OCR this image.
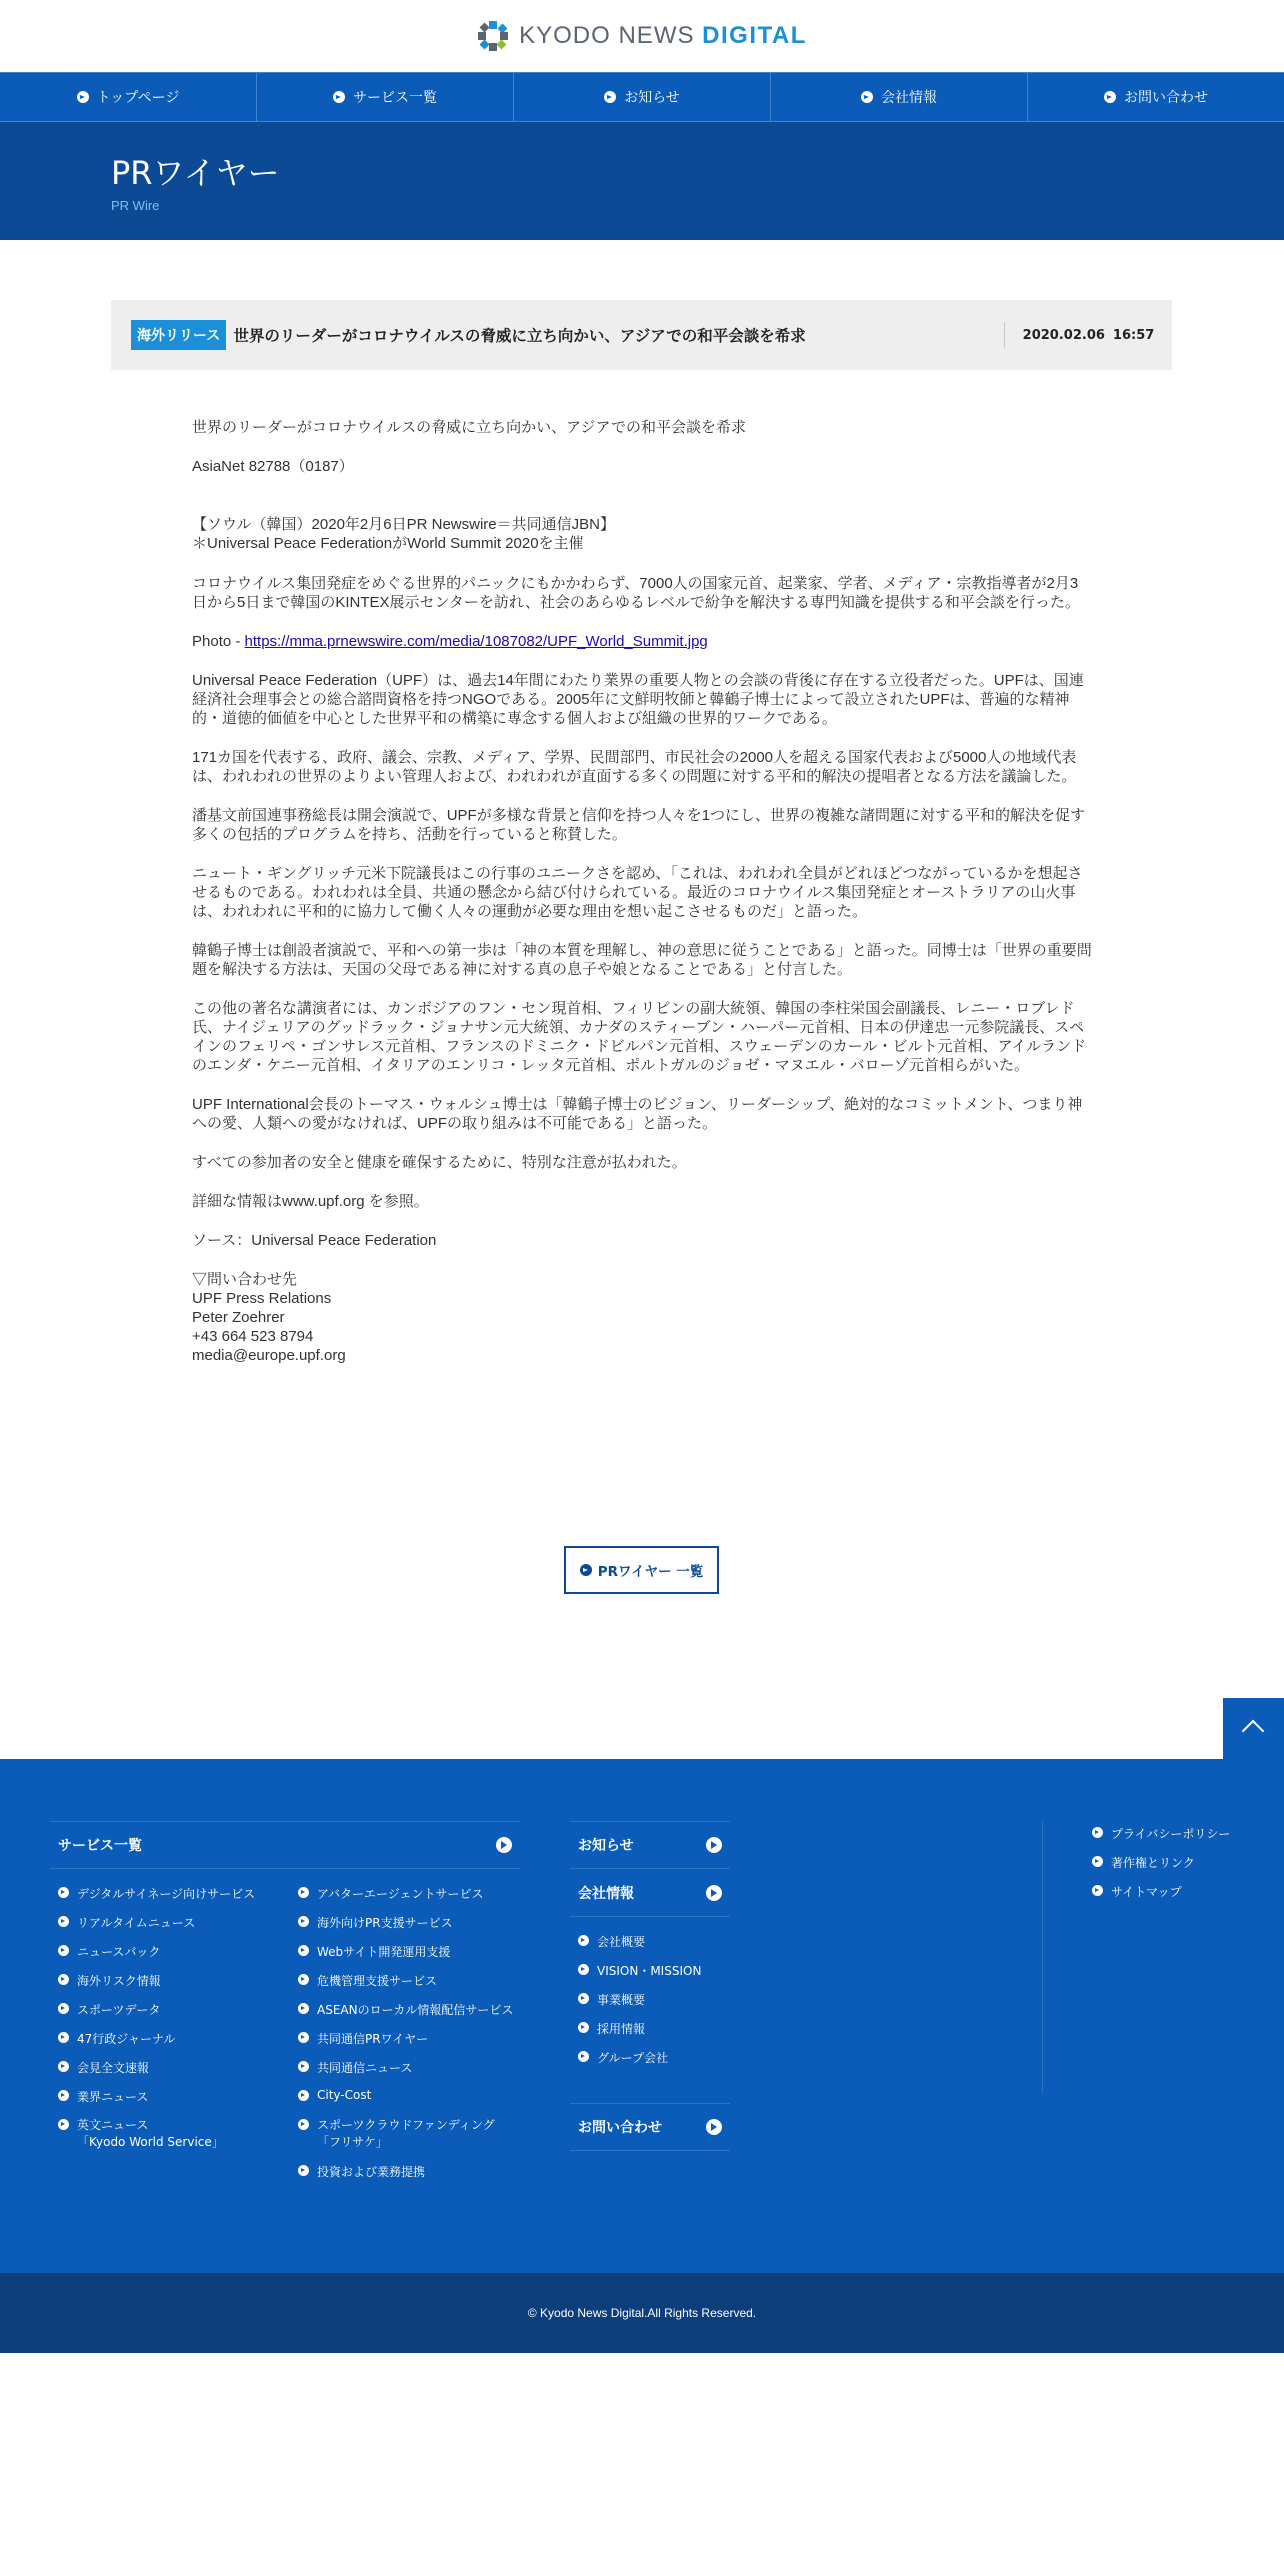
KYODO NEWS DIGITAL
トップページ	サービス一覧	お知らせ	会社情報	お問い合わせ
PRワイヤー
PR Wire
海外リリース 世界のリーダーがコロナウイルスの脅威に立ち向かい、アジアでの和平会談を希求	2020.02.06 16:57

世界のリーダーがコロナウイルスの脅威に立ち向かい、アジアでの和平会談を希求

AsiaNet 82788（0187）

【ソウル（韓国）2020年2月6日PR Newswire＝共同通信JBN】
＊Universal Peace FederationがWorld Summit 2020を主催

コロナウイルス集団発症をめぐる世界的パニックにもかかわらず、7000人の国家元首、起業家、学者、メディア・宗教指導者が2月3日から5日まで韓国のKINTEX展示センターを訪れ、社会のあらゆるレベルで紛争を解決する専門知識を提供する和平会談を行った。

Photo - https://mma.prnewswire.com/media/1087082/UPF_World_Summit.jpg

Universal Peace Federation（UPF）は、過去14年間にわたり業界の重要人物との会談の背後に存在する立役者だった。UPFは、国連経済社会理事会との総合諮問資格を持つNGOである。2005年に文鮮明牧師と韓鶴子博士によって設立されたUPFは、普遍的な精神的・道徳的価値を中心とした世界平和の構築に専念する個人および組織の世界的ワークである。

171カ国を代表する、政府、議会、宗教、メディア、学界、民間部門、市民社会の2000人を超える国家代表および5000人の地域代表は、われわれの世界のよりよい管理人および、われわれが直面する多くの問題に対する平和的解決の提唱者となる方法を議論した。

潘基文前国連事務総長は開会演説で、UPFが多様な背景と信仰を持つ人々を1つにし、世界の複雑な諸問題に対する平和的解決を促す多くの包括的プログラムを持ち、活動を行っていると称賛した。

ニュート・ギングリッチ元米下院議長はこの行事のユニークさを認め、「これは、われわれ全員がどれほどつながっているかを想起させるものである。われわれは全員、共通の懸念から結び付けられている。最近のコロナウイルス集団発症とオーストラリアの山火事は、われわれに平和的に協力して働く人々の運動が必要な理由を想い起こさせるものだ」と語った。

韓鶴子博士は創設者演説で、平和への第一歩は「神の本質を理解し、神の意思に従うことである」と語った。同博士は「世界の重要問題を解決する方法は、天国の父母である神に対する真の息子や娘となることである」と付言した。

この他の著名な講演者には、カンボジアのフン・セン現首相、フィリピンの副大統領、韓国の李柱栄国会副議長、レニー・ロブレド氏、ナイジェリアのグッドラック・ジョナサン元大統領、カナダのスティーブン・ハーパー元首相、日本の伊達忠一元参院議長、スペインのフェリペ・ゴンサレス元首相、フランスのドミニク・ドビルパン元首相、スウェーデンのカール・ビルト元首相、アイルランドのエンダ・ケニー元首相、イタリアのエンリコ・レッタ元首相、ポルトガルのジョゼ・マヌエル・バローゾ元首相らがいた。

UPF International会長のトーマス・ウォルシュ博士は「韓鶴子博士のビジョン、リーダーシップ、絶対的なコミットメント、つまり神への愛、人類への愛がなければ、UPFの取り組みは不可能である」と語った。

すべての参加者の安全と健康を確保するために、特別な注意が払われた。

詳細な情報はwww.upf.org を参照。

ソース：Universal Peace Federation

▽問い合わせ先
UPF Press Relations
Peter Zoehrer
+43 664 523 8794
media@europe.upf.org
PRワイヤー 一覧
サービス一覧
デジタルサイネージ向けサービス
リアルタイムニュース
ニュースパック
海外リスク情報
スポーツデータ
47行政ジャーナル
会見全文速報
業界ニュース
英文ニュース
「Kyodo World Service」
アバターエージェントサービス
海外向けPR支援サービス
Webサイト開発運用支援
危機管理支援サービス
ASEANのローカル情報配信サービス
共同通信PRワイヤー
共同通信ニュース
City-Cost
スポーツクラウドファンディング
「フリサケ」
投資および業務提携
お知らせ
会社情報
会社概要
VISION・MISSION
事業概要
採用情報
グループ会社
お問い合わせ
プライバシーポリシー
著作権とリンク
サイトマップ
© Kyodo News Digital.All Rights Reserved.
